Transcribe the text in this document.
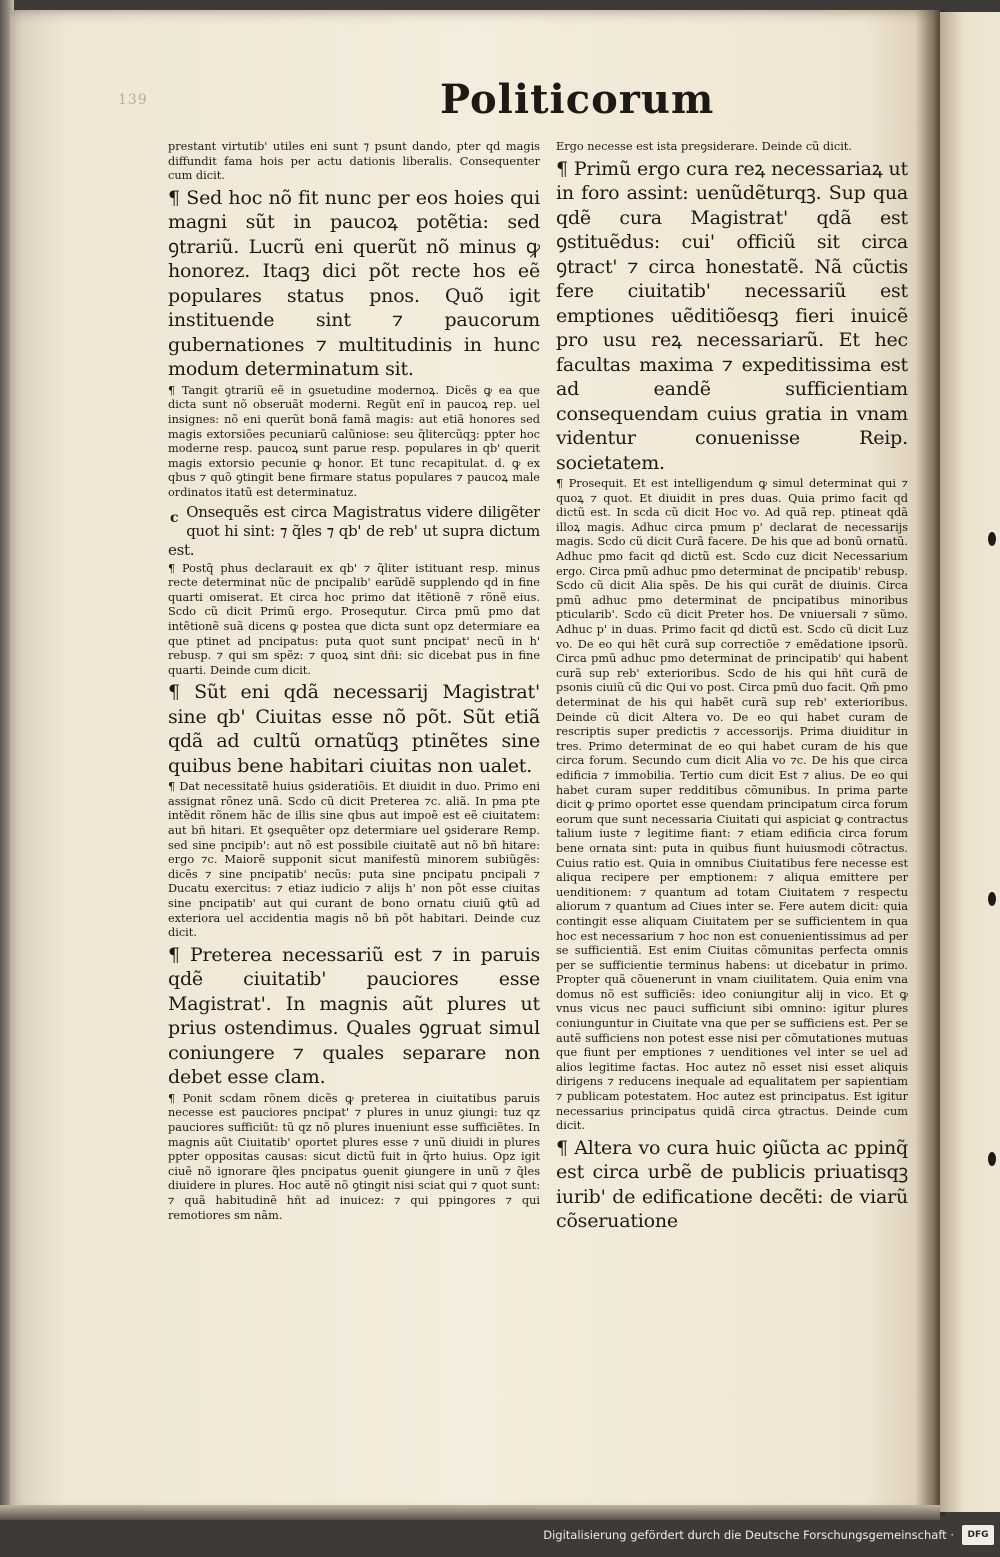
139	Politicorum

prestant virtutib' utiles eni sunt ⁊ psunt dando, pter qd magis diffundit fama hois per actu dationis liberalis. Consequenter cum dicit.

¶ Sed hoc nõ fit nunc per eos hoies qui magni sũt in paucoꝝ potẽtia: sed ꝯtrariũ. Lucrũ eni querũt nõ minus ꝙ honorez. Itaqꝫ dici põt recte hos eẽ populares status pnos. Quõ igit instituende sint ⁊ paucorum gubernationes ⁊ multitudinis in hunc modum determinatum sit.

¶ Tangit ꝯtrariũ eẽ in ꝯsuetudine modernoꝝ. Dicẽs ꝙ ea que dicta sunt nõ obseruãt moderni. Regũt enĩ in paucoꝝ rep. uel insignes: nõ eni querũt bonã famã magis: aut etiã honores sed magis extorsiões pecuniarũ calũniose: seu q̃litercũqꝫ: ppter hoc moderne resp. paucoꝝ sunt parue resp. populares in qb' querit magis extorsio pecunie ꝙ honor. Et tunc recapitulat. d. ꝙ ex qbus ⁊ quõ ꝯtingit bene firmare status populares ⁊ paucoꝝ male ordinatos itatũ est determinatuz.

c Onsequẽs est circa Magistratus videre diligẽter quot hi sint: ⁊ q̃les ⁊ qb' de reb' ut supra dictum est.

¶ Postq̃ phus declarauit ex qb' ⁊ q̃liter istituant resp. minus recte determinat nũc de pncipalib' earũdẽ supplendo qd in fine quarti omiserat. Et circa hoc primo dat itẽtionẽ ⁊ rõnẽ eius. Scdo cũ dicit Primũ ergo. Prosequtur. Circa pmũ pmo dat intẽtionẽ suã dicens ꝙ postea que dicta sunt opz determiare ea que ptinet ad pncipatus: puta quot sunt pncipat' necũ in h' rebusp. ⁊ qui sm spẽz: ⁊ quoꝝ sint dñi: sic dicebat pus in fine quarti. Deinde cum dicit.

¶ Sũt eni qdã necessarij Magistrat' sine qb' Ciuitas esse nõ põt. Sũt etiã qdã ad cultũ ornatũqꝫ ptinẽtes sine quibus bene habitari ciuitas non ualet.

¶ Dat necessitatẽ huius ꝯsideratiõis. Et diuidit in duo. Primo eni assignat rõnez unã. Scdo cũ dicit Preterea ⁊c. aliã. In pma pte intẽdit rõnem hãc de illis sine qbus aut impoẽ est eẽ ciuitatem: aut bñ hitari. Et ꝯsequẽter opz determiare uel ꝯsiderare Remp. sed sine pncipib': aut nõ est possibile ciuitatẽ aut nõ bñ hitare: ergo ⁊c. Maiorẽ supponit sicut manifestũ minorem subiũgẽs: dicẽs ⁊ sine pncipatib' necũs: puta sine pncipatu pncipali ⁊ Ducatu exercitus: ⁊ etiaz iudicio ⁊ alijs h' non põt esse ciuitas sine pncipatib' aut qui curant de bono ornatu ciuiũ ꝙtũ ad exteriora uel accidentia magis nõ bñ põt habitari. Deinde cuz dicit.

¶ Preterea necessariũ est ⁊ in paruis qdẽ ciuitatib' pauciores esse Magistrat'. In magnis aũt plures ut prius ostendimus. Quales ꝯgruat simul coniungere ⁊ quales separare non debet esse clam.

¶ Ponit scdam rõnem dicẽs ꝙ preterea in ciuitatibus paruis necesse est pauciores pncipat' ⁊ plures in unuz ꝯiungi: tuz qz pauciores sufficiũt: tũ qz nõ plures inueniunt esse sufficiẽtes. In magnis aũt Ciuitatib' oportet plures esse ⁊ unũ diuidi in plures ppter oppositas causas: sicut dictũ fuit in q̃rto huius. Opz igit ciuẽ nõ ignorare q̃les pncipatus ꝯuenit ꝯiungere in unũ ⁊ q̃les diuidere in plures. Hoc autẽ nõ ꝯtingit nisi sciat qui ⁊ quot sunt: ⁊ quã habitudinẽ hñt ad inuicez: ⁊ qui ppingores ⁊ qui remotiores sm nãm.

Ergo necesse est ista preꝯsiderare. Deinde cũ dicit.

¶ Primũ ergo cura reꝝ necessariaꝝ ut in foro assint: uenũdẽturqꝫ. Sup qua qdẽ cura Magistrat' qdã est ꝯstituẽdus: cui' officiũ sit circa ꝯtract' ⁊ circa honestatẽ. Nã cũctis fere ciuitatib' necessariũ est emptiones uẽditiõesqꝫ fieri inuicẽ pro usu reꝝ necessariarũ. Et hec facultas maxima ⁊ expeditissima est ad eandẽ sufficientiam consequendam cuius gratia in vnam videntur conuenisse Reip. societatem.

¶ Prosequit. Et est intelligendum ꝙ simul determinat qui ⁊ quoꝝ ⁊ quot. Et diuidit in pres duas. Quia primo facit qd dictũ est. In scda cũ dicit Hoc vo. Ad quã rep. ptineat qdã illoꝝ magis. Adhuc circa pmum p' declarat de necessarijs magis. Scdo cũ dicit Curã facere. De his que ad bonũ ornatũ. Adhuc pmo facit qd dictũ est. Scdo cuz dicit Necessarium ergo. Circa pmũ adhuc pmo determinat de pncipatib' rebusp. Scdo cũ dicit Alia spẽs. De his qui curãt de diuinis. Circa pmũ adhuc pmo determinat de pncipatibus minoribus pticularib'. Scdo cũ dicit Preter hos. De vniuersali ⁊ sũmo. Adhuc p' in duas. Primo facit qd dictũ est. Scdo cũ dicit Luz vo. De eo qui hẽt curã sup correctiõe ⁊ emẽdatione ipsorũ. Circa pmũ adhuc pmo determinat de principatib' qui habent curã sup reb' exterioribus. Scdo de his qui hñt curã de psonis ciuiũ cũ dic Qui vo post. Circa pmũ duo facit. Qm̃ pmo determinat de his qui habẽt curã sup reb' exterioribus. Deinde cũ dicit Altera vo. De eo qui habet curam de rescriptis super predictis ⁊ accessorijs. Prima diuiditur in tres. Primo determinat de eo qui habet curam de his que circa forum. Secundo cum dicit Alia vo ⁊c. De his que circa edificia ⁊ immobilia. Tertio cum dicit Est ⁊ alius. De eo qui habet curam super redditibus cõmunibus. In prima parte dicit ꝙ primo oportet esse quendam principatum circa forum eorum que sunt necessaria Ciuitati qui aspiciat ꝙ contractus talium iuste ⁊ legitime fiant: ⁊ etiam edificia circa forum bene ornata sint: puta in quibus fiunt huiusmodi cõtractus. Cuius ratio est. Quia in omnibus Ciuitatibus fere necesse est aliqua recipere per emptionem: ⁊ aliqua emittere per uenditionem: ⁊ quantum ad totam Ciuitatem ⁊ respectu aliorum ⁊ quantum ad Ciues inter se. Fere autem dicit: quia contingit esse aliquam Ciuitatem per se sufficientem in qua hoc est necessarium ⁊ hoc non est conuenientissimus ad per se sufficientiã. Est enim Ciuitas cõmunitas perfecta omnis per se sufficientie terminus habens: ut dicebatur in primo. Propter quã cõuenerunt in vnam ciuilitatem. Quia enim vna domus nõ est sufficiẽs: ideo coniungitur alij in vico. Et ꝙ vnus vicus nec pauci sufficiunt sibi omnino: igitur plures coniunguntur in Ciuitate vna que per se sufficiens est. Per se autẽ sufficiens non potest esse nisi per cõmutationes mutuas que fiunt per emptiones ⁊ uenditiones vel inter se uel ad alios legitime factas. Hoc autez nõ esset nisi esset aliquis dirigens ⁊ reducens inequale ad equalitatem per sapientiam ⁊ publicam potestatem. Hoc autez est principatus. Est igitur necessarius principatus quidã circa ꝯtractus. Deinde cum dicit.

¶ Altera vo cura huic ꝯiũcta ac ppinq̃ est circa urbẽ de publicis priuatisqꝫ iurib' de edificatione decẽti: de viarũ cõseruatione

Digitalisierung gefördert durch die Deutsche Forschungsgemeinschaft ·	DFG
